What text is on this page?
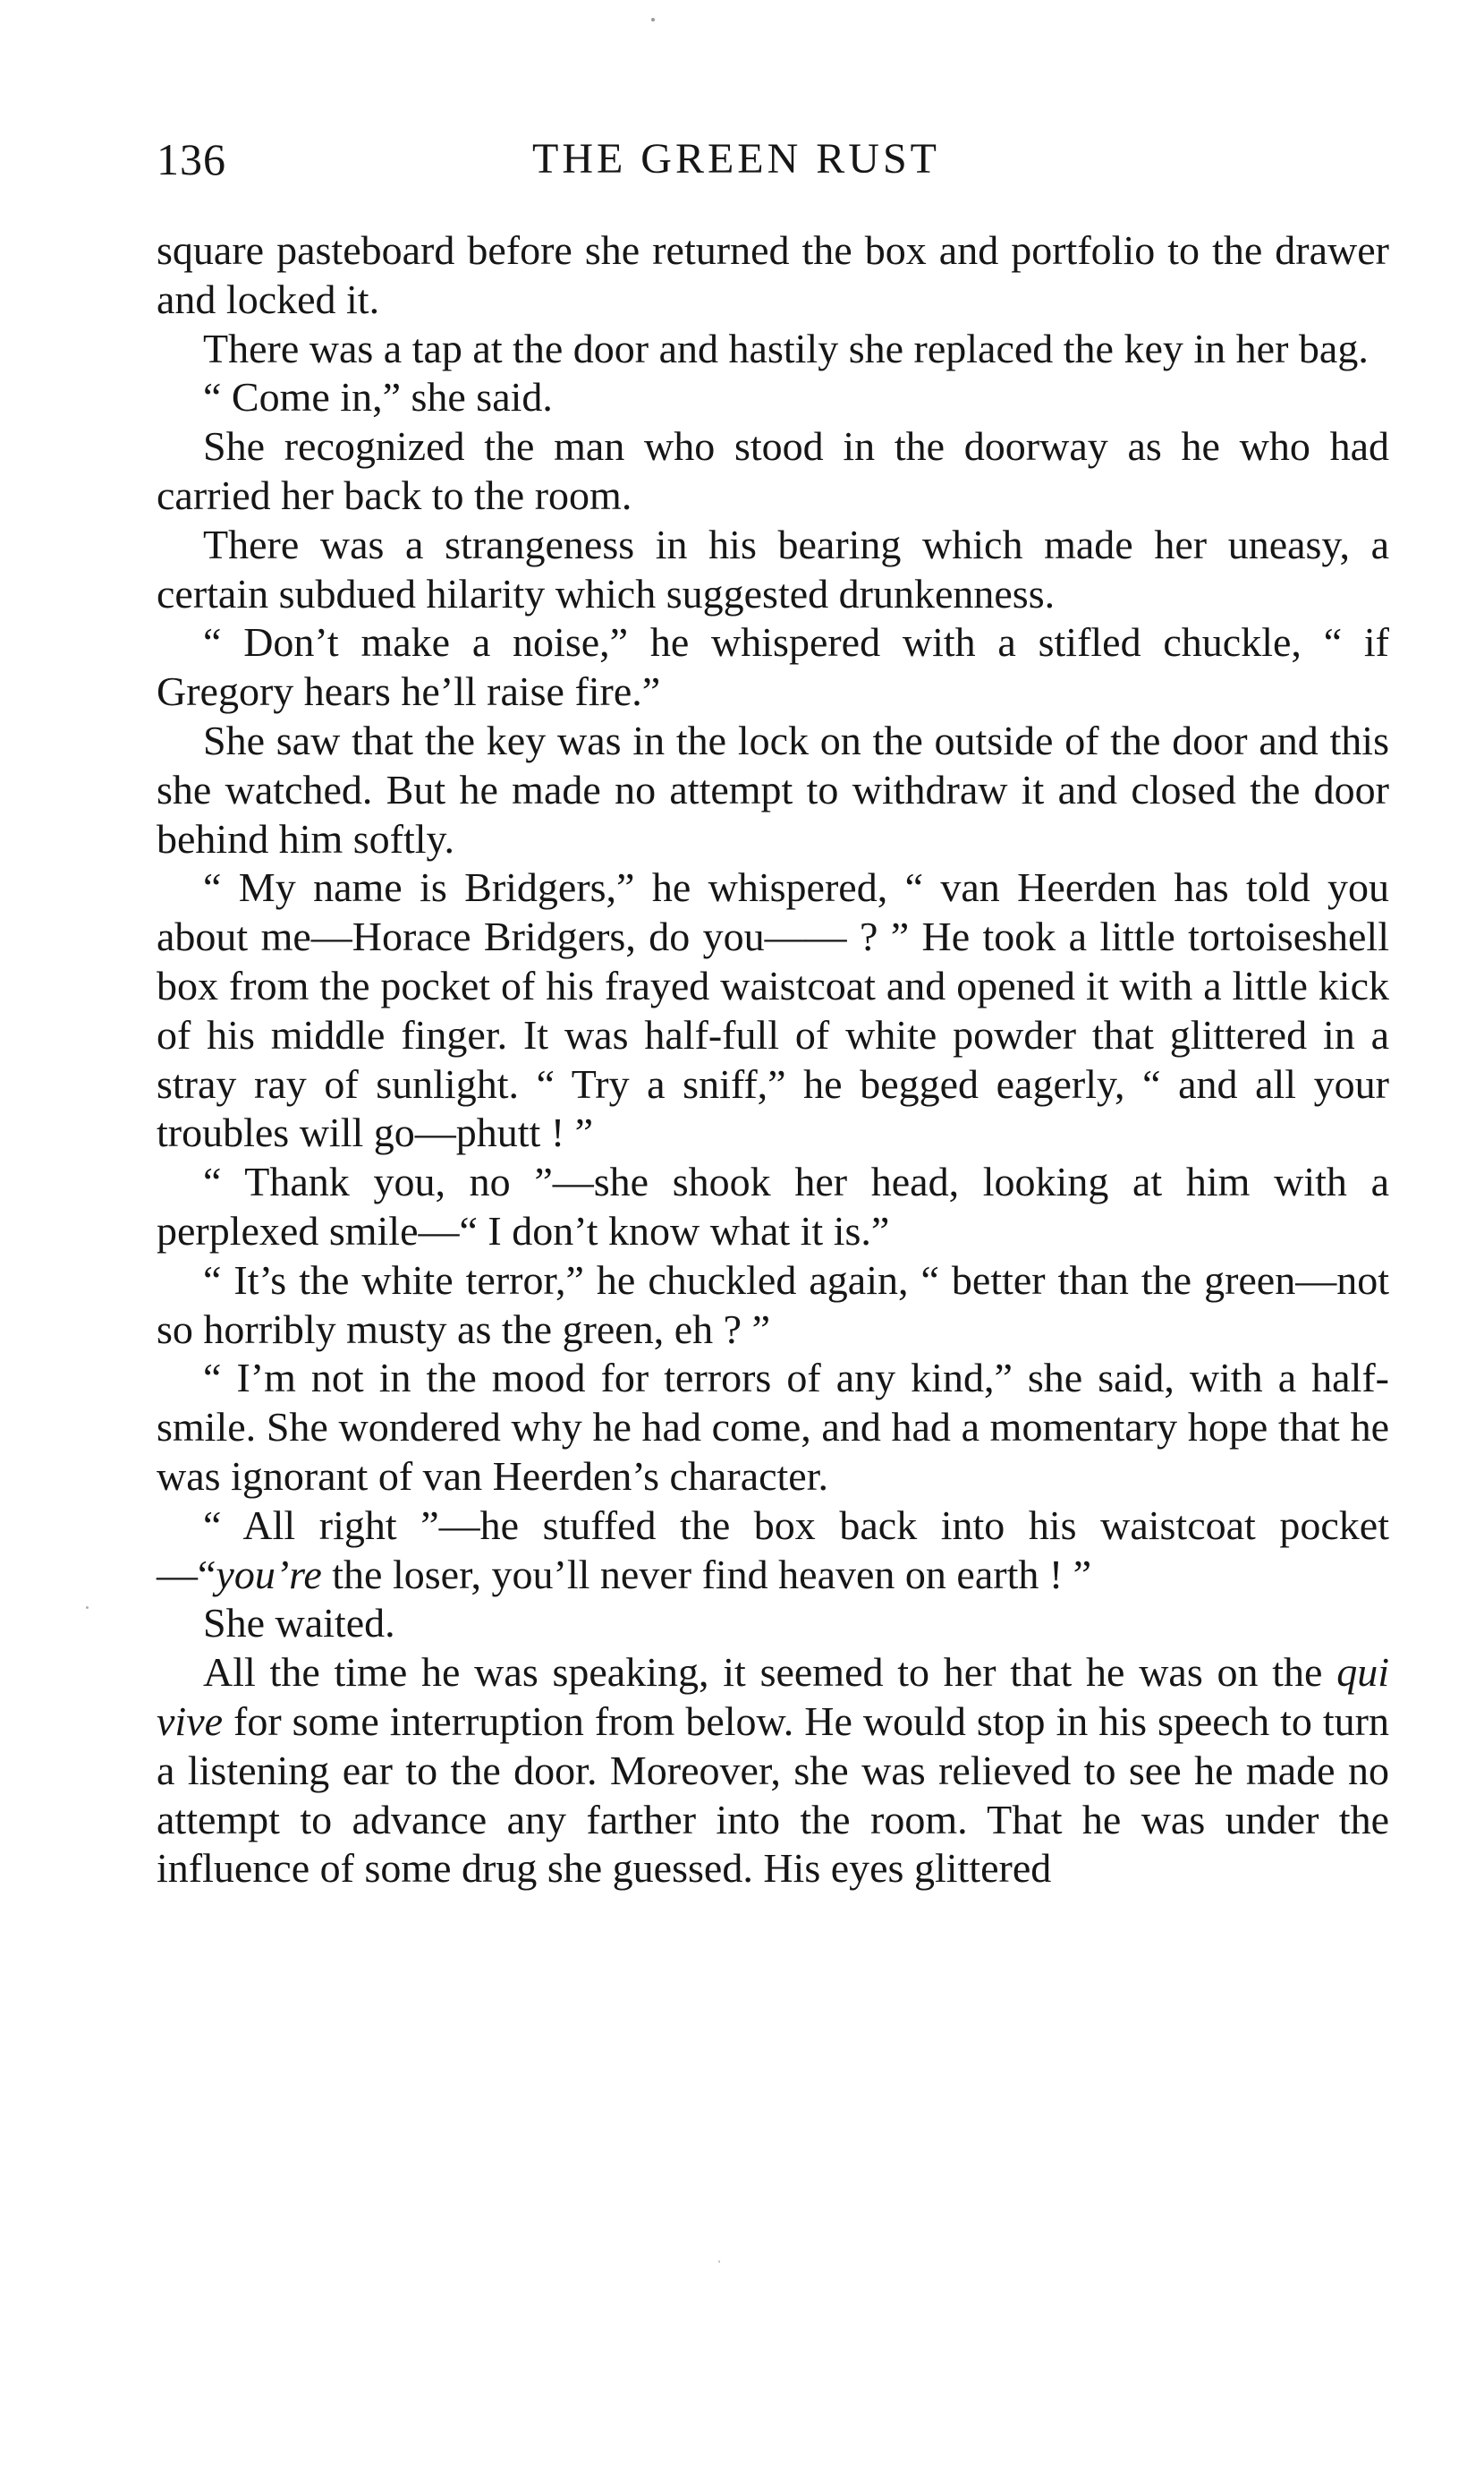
136	THE GREEN RUST

square pasteboard before she returned the box and portfolio to the drawer and locked it.

There was a tap at the door and hastily she replaced the key in her bag.

“ Come in,” she said.

She recognized the man who stood in the doorway as he who had carried her back to the room.

There was a strangeness in his bearing which made her uneasy, a certain subdued hilarity which suggested drunkenness.

“ Don’t make a noise,” he whispered with a stifled chuckle, “ if Gregory hears he’ll raise fire.”

She saw that the key was in the lock on the outside of the door and this she watched. But he made no attempt to withdraw it and closed the door behind him softly.

“ My name is Bridgers,” he whispered, “ van Heerden has told you about me—Horace Bridgers, do you—— ? ” He took a little tortoiseshell box from the pocket of his frayed waistcoat and opened it with a little kick of his middle finger. It was half-full of white powder that glittered in a stray ray of sunlight. “ Try a sniff,” he begged eagerly, “ and all your troubles will go—phutt ! ”

“ Thank you, no ”—she shook her head, looking at him with a perplexed smile—“ I don’t know what it is.”

“ It’s the white terror,” he chuckled again, “ better than the green—not so horribly musty as the green, eh ? ”

“ I’m not in the mood for terrors of any kind,” she said, with a half-smile. She wondered why he had come, and had a momentary hope that he was ignorant of van Heerden’s character.

“ All right ”—he stuffed the box back into his waistcoat pocket—“you’re the loser, you’ll never find heaven on earth ! ”

She waited.

All the time he was speaking, it seemed to her that he was on the qui vive for some interruption from below. He would stop in his speech to turn a listening ear to the door. Moreover, she was relieved to see he made no attempt to advance any farther into the room. That he was under the influence of some drug she guessed. His eyes glittered
